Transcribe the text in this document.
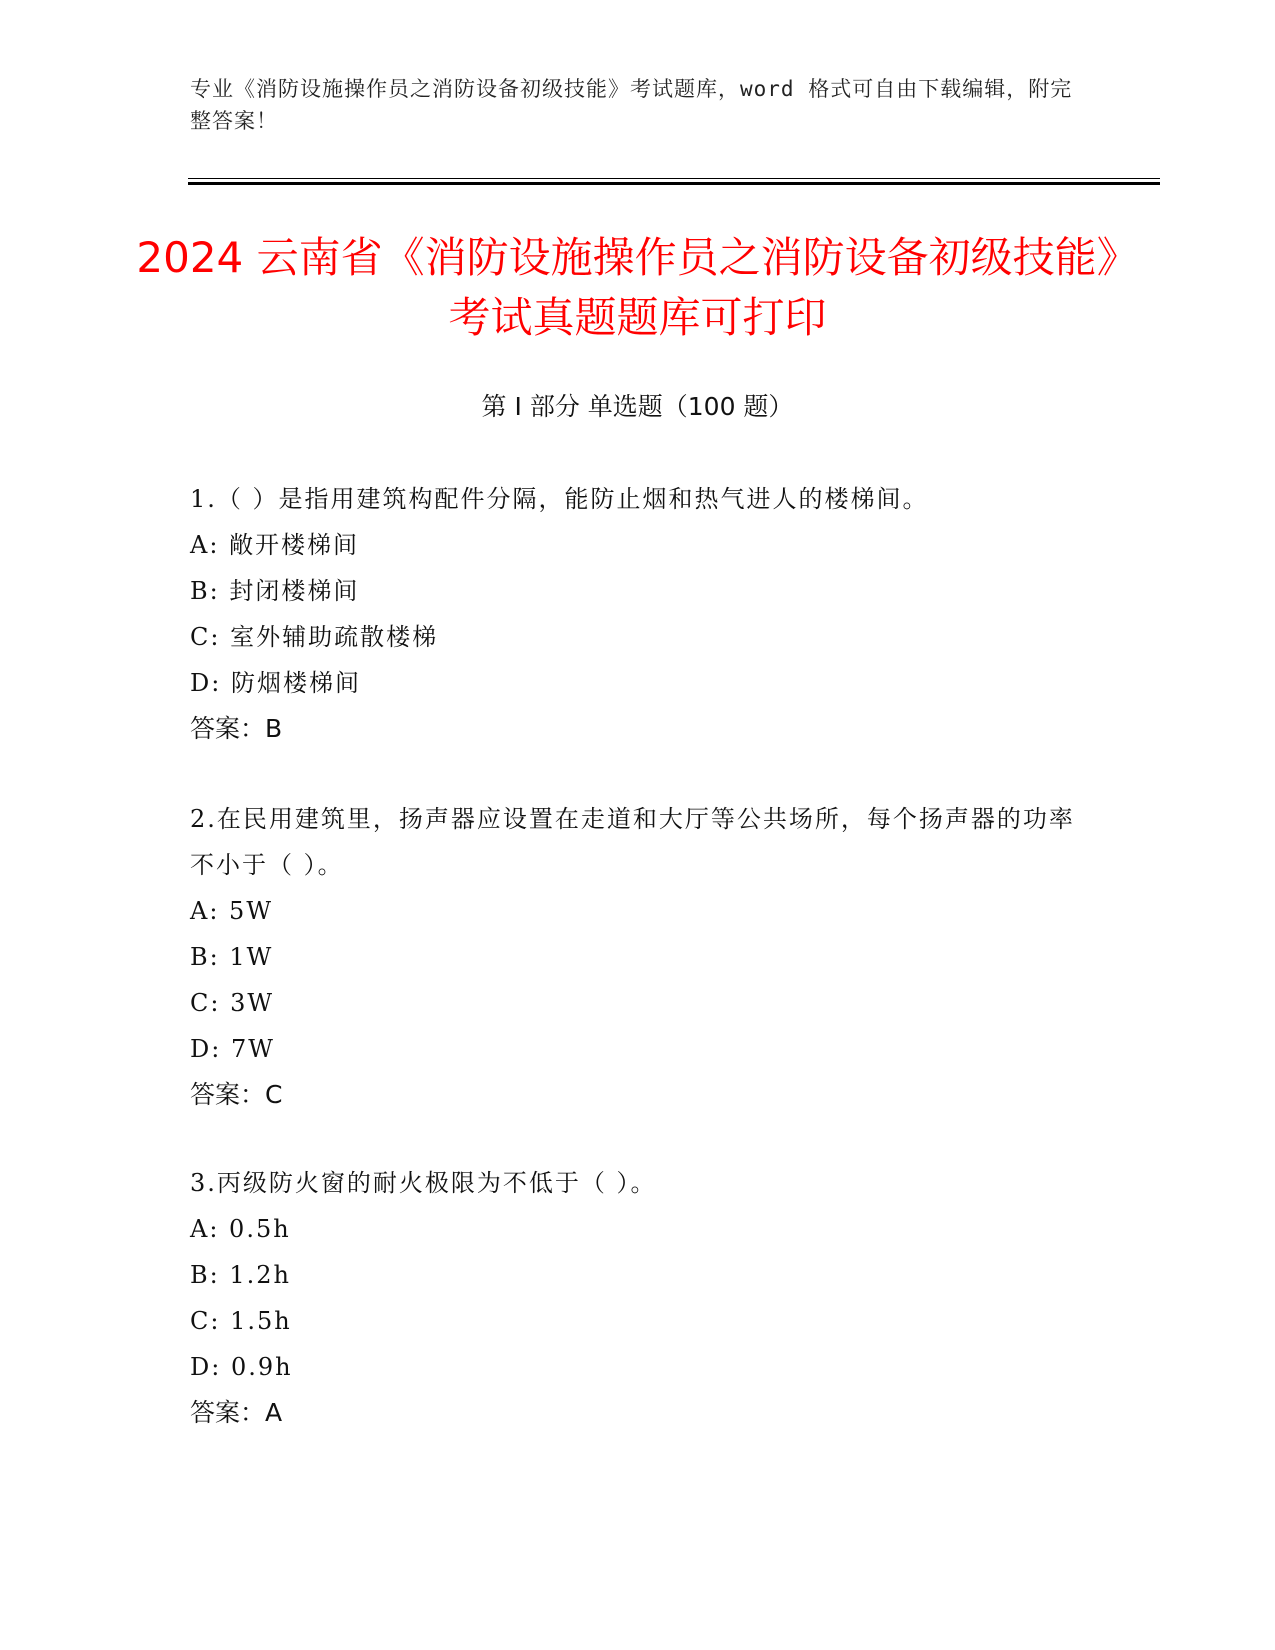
专业《消防设施操作员之消防设备初级技能》考试题库，word 格式可自由下载编辑，附完整答案！
2024 云南省《消防设施操作员之消防设备初级技能》考试真题题库可打印
第 I 部分 单选题（100 题）

1.（ ）是指用建筑构配件分隔，能防止烟和热气进人的楼梯间。

A: 敞开楼梯间

B: 封闭楼梯间

C: 室外辅助疏散楼梯

D: 防烟楼梯间

答案：B

2.在民用建筑里，扬声器应设置在走道和大厅等公共场所，每个扬声器的功率不小于（ ）。

A: 5W

B: 1W

C: 3W

D: 7W

答案：C

3.丙级防火窗的耐火极限为不低于（ ）。

A: 0.5h

B: 1.2h

C: 1.5h

D: 0.9h

答案：A
